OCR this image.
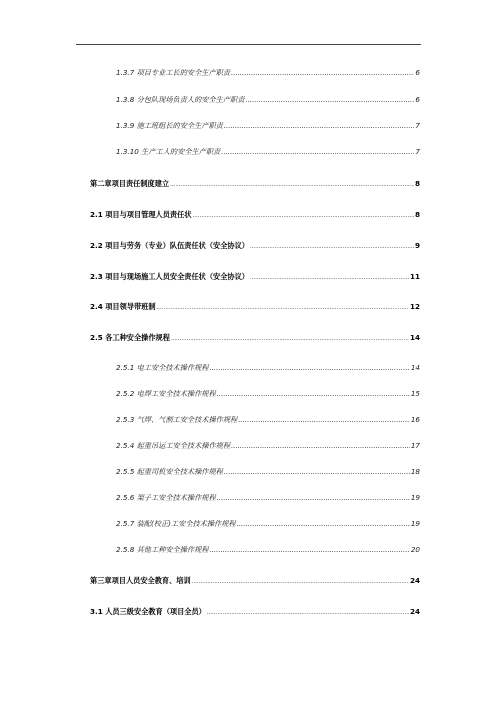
1.3.7 项目专业工长的安全生产职责 .....	6
1.3.8 分包队现场负责人的安全生产职责 .....	6
1.3.9 施工班组长的安全生产职责 .....	7
1.3.10 生产工人的安全生产职责 .....	7
第二章项目责任制度建立 .....	8
2.1 项目与项目管理人员责任状 .....	8
2.2 项目与劳务（专业）队伍责任状（安全协议） .....	9
2.3 项目与现场施工人员安全责任状（安全协议） .....	11
2.4 项目领导带班制 .....	12
2.5 各工种安全操作规程 .....	14
2.5.1 电工安全技术操作规程 .....	14
2.5.2 电焊工安全技术操作规程 .....	15
2.5.3 气焊、气割工安全技术操作规程 .....	16
2.5.4 起重吊运工安全技术操作规程 .....	17
2.5.5 起重司机安全技术操作规程 .....	18
2.5.6 架子工安全技术操作规程 .....	19
2.5.7 装配(校正)工安全技术操作规程 .....	19
2.5.8 其他工种安全操作规程 .....	20
第三章项目人员安全教育、培训 .....	24
3.1 人员三级安全教育（项目全员） .....	24
